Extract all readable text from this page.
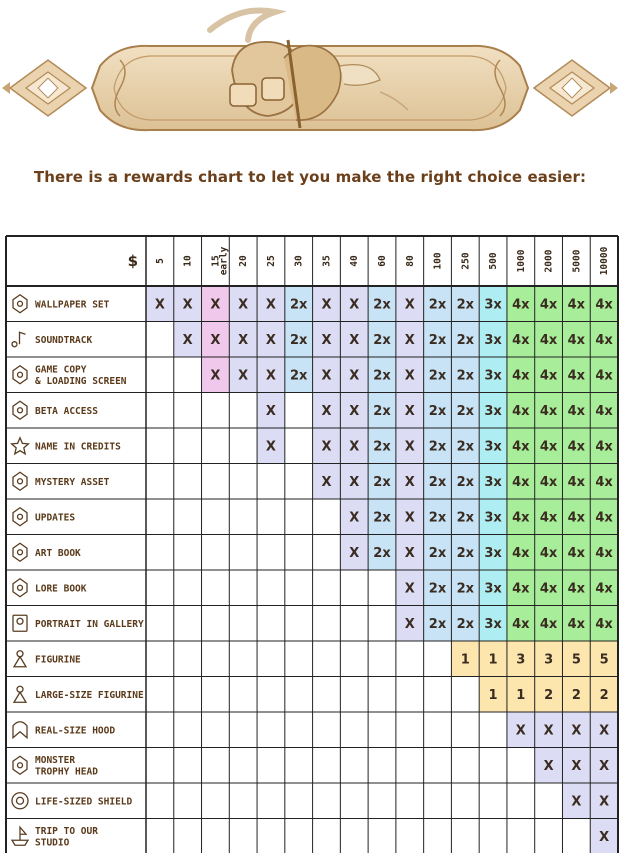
There is a rewards chart to let you make the right choice easier:
$ 5 10 15
early 20 25 30 35 40 60 80 100 250 500 1000 2000 5000 10000
WALLPAPER SET
SOUNDTRACK
GAME COPY
& LOADING SCREEN
BETA ACCESS
NAME IN CREDITS
MYSTERY ASSET
UPDATES
ART BOOK
LORE BOOK
PORTRAIT IN GALLERY
FIGURINE
LARGE-SIZE FIGURINE
REAL-SIZE HOOD
MONSTER
TROPHY HEAD
LIFE-SIZED SHIELD
TRIP TO OUR
STUDIO
X X X X X 2x X X 2x X 2x 2x 3x 4x 4x 4x 4x
X X X X 2x X X 2x X 2x 2x 3x 4x 4x 4x 4x
X X X 2x X X 2x X 2x 2x 3x 4x 4x 4x 4x
X	X X 2x X 2x 2x 3x 4x 4x 4x 4x
X	X X 2x X 2x 2x 3x 4x 4x 4x 4x
X X 2x X 2x 2x 3x 4x 4x 4x 4x
X 2x X 2x 2x 3x 4x 4x 4x 4x
X 2x X 2x 2x 3x 4x 4x 4x 4x
X 2x 2x 3x 4x 4x 4x 4x
X 2x 2x 3x 4x 4x 4x 4x
1 1 3 3 5 5
1 1 2 2 2
X X X X
X X X
X X
X
